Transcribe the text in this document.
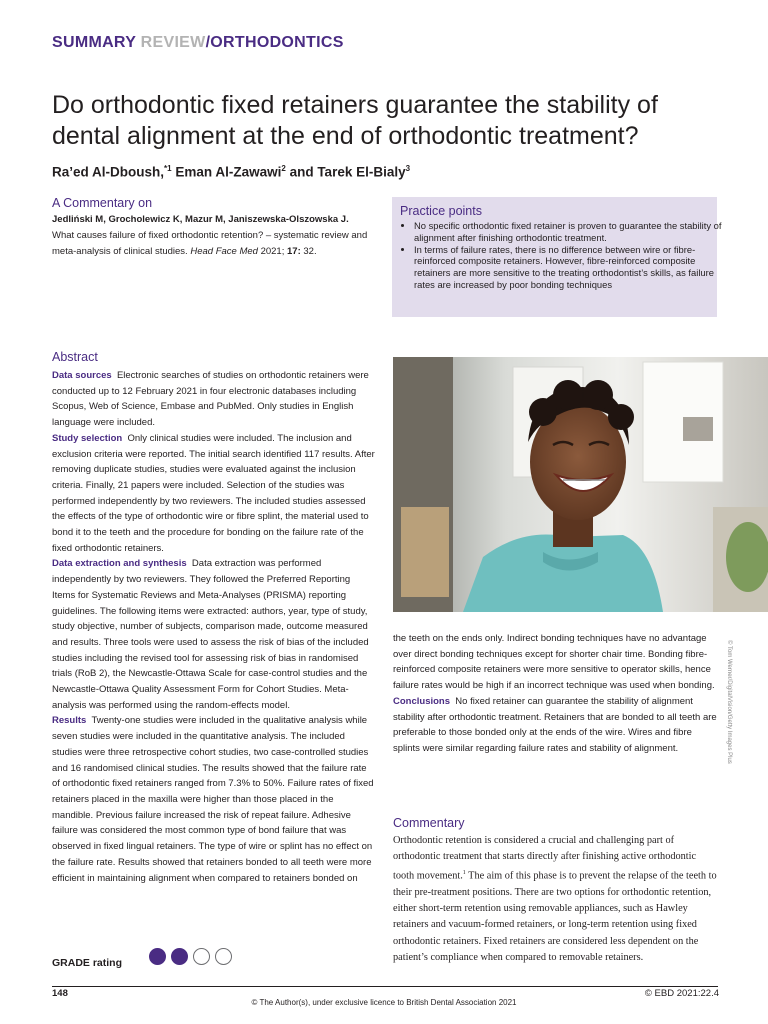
SUMMARY REVIEW/ORTHODONTICS
Do orthodontic fixed retainers guarantee the stability of dental alignment at the end of orthodontic treatment?
Ra’ed Al-Dboush,$^{*1}$ Eman Al-Zawawi$^2$ and Tarek El-Bialy$^3$
A Commentary on
Jedliński M, Grocholewicz K, Mazur M, Janiszewska-Olszowska J.
What causes failure of fixed orthodontic retention? – systematic review and meta-analysis of clinical studies. Head Face Med 2021; 17: 32.
Practice points
• No specific orthodontic fixed retainer is proven to guarantee the stability of alignment after finishing orthodontic treatment.
• In terms of failure rates, there is no difference between wire or fibre-reinforced composite retainers. However, fibre-reinforced composite retainers are more sensitive to the treating orthodontist’s skills, as failure rates are increased by poor bonding techniques
Abstract

Data sources Electronic searches of studies on orthodontic retainers were conducted up to 12 February 2021 in four electronic databases including Scopus, Web of Science, Embase and PubMed. Only studies in English language were included.

Study selection Only clinical studies were included. The inclusion and exclusion criteria were reported. The initial search identified 117 results. After removing duplicate studies, studies were evaluated against the inclusion criteria. Finally, 21 papers were included. Selection of the studies was performed independently by two reviewers. The included studies assessed the effects of the type of orthodontic wire or fibre splint, the material used to bond it to the teeth and the procedure for bonding on the failure rate of the fixed orthodontic retainers.

Data extraction and synthesis Data extraction was performed independently by two reviewers. They followed the Preferred Reporting Items for Systematic Reviews and Meta-Analyses (PRISMA) reporting guidelines. The following items were extracted: authors, year, type of study, study objective, number of subjects, comparison made, outcome measured and results. Three tools were used to assess the risk of bias of the included studies including the revised tool for assessing risk of bias in randomised trials (RoB 2), the Newcastle-Ottawa Scale for case-control studies and the Newcastle-Ottawa Quality Assessment Form for Cohort Studies. Meta-analysis was performed using the random-effects model.

Results Twenty-one studies were included in the qualitative analysis while seven studies were included in the quantitative analysis. The included studies were three retrospective cohort studies, two case-controlled studies and 16 randomised clinical studies. The results showed that the failure rate of orthodontic fixed retainers ranged from 7.3% to 50%. Failure rates of fixed retainers placed in the maxilla were higher than those placed in the mandible. Previous failure increased the risk of repeat failure. Adhesive failure was considered the most common type of bond failure that was observed in fixed lingual retainers. The type of wire or splint has no effect on the failure rate. Results showed that retainers bonded to all teeth were more efficient in maintaining alignment when compared to retainers bonded on

© Tom Werner/DigitalVision/Getty Images Plus

the teeth on the ends only. Indirect bonding techniques have no advantage over direct bonding techniques except for shorter chair time. Bonding fibre-reinforced composite retainers were more sensitive to operator skills, hence failure rates would be high if an incorrect technique was used when bonding.

Conclusions No fixed retainer can guarantee the stability of alignment stability after orthodontic treatment. Retainers that are bonded to all teeth are preferable to those bonded only at the ends of the wire. Wires and fibre splints were similar regarding failure rates and stability of alignment.

Commentary
Orthodontic retention is considered a crucial and challenging part of orthodontic treatment that starts directly after finishing active orthodontic tooth movement.$^1$ The aim of this phase is to prevent the relapse of the teeth to their pre-treatment positions. There are two options for orthodontic retention, either short-term retention using removable appliances, such as Hawley retainers and vacuum-formed retainers, or long-term retention using fixed orthodontic retainers. Fixed retainers are considered less dependent on the patient’s compliance when compared to removable retainers.
GRADE rating
148	© EBD 2021:22.4
© The Author(s), under exclusive licence to British Dental Association 2021
